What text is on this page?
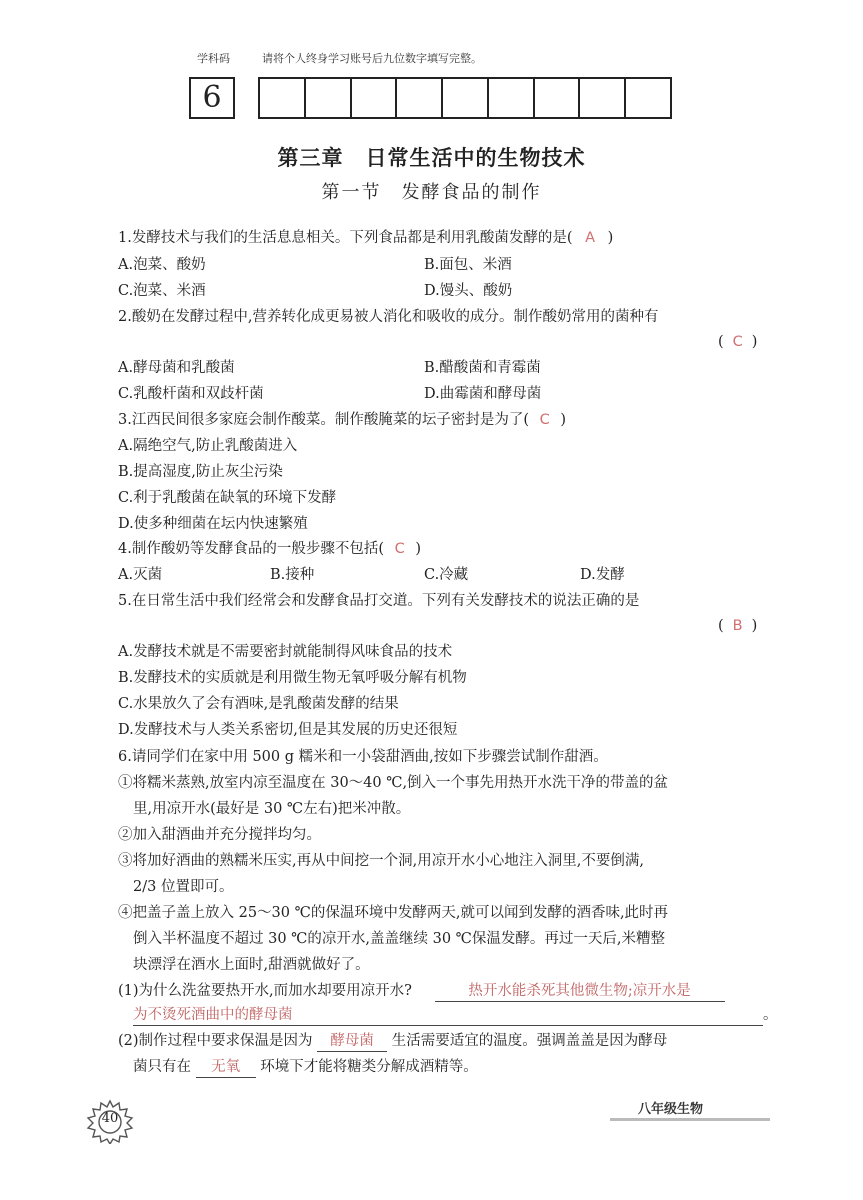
学科码	请将个人终身学习账号后九位数字填写完整。
6
第三章　日常生活中的生物技术
第一节　发酵食品的制作
1.发酵技术与我们的生活息息相关。下列食品都是利用乳酸菌发酵的是( A )
A.泡菜、酸奶	B.面包、米酒
C.泡菜、米酒	D.馒头、酸奶
2.酸奶在发酵过程中,营养转化成更易被人消化和吸收的成分。制作酸奶常用的菌种有
( C )
A.酵母菌和乳酸菌	B.醋酸菌和青霉菌
C.乳酸杆菌和双歧杆菌	D.曲霉菌和酵母菌
3.江西民间很多家庭会制作酸菜。制作酸腌菜的坛子密封是为了( C )
A.隔绝空气,防止乳酸菌进入
B.提高湿度,防止灰尘污染
C.利于乳酸菌在缺氧的环境下发酵
D.使多种细菌在坛内快速繁殖
4.制作酸奶等发酵食品的一般步骤不包括( C )
A.灭菌	B.接种	C.冷藏	D.发酵
5.在日常生活中我们经常会和发酵食品打交道。下列有关发酵技术的说法正确的是
( B )
A.发酵技术就是不需要密封就能制得风味食品的技术
B.发酵技术的实质就是利用微生物无氧呼吸分解有机物
C.水果放久了会有酒味,是乳酸菌发酵的结果
D.发酵技术与人类关系密切,但是其发展的历史还很短
6.请同学们在家中用 500 g 糯米和一小袋甜酒曲,按如下步骤尝试制作甜酒。
①将糯米蒸熟,放室内凉至温度在 30～40 ℃,倒入一个事先用热开水洗干净的带盖的盆
里,用凉开水(最好是 30 ℃左右)把米冲散。
②加入甜酒曲并充分搅拌均匀。
③将加好酒曲的熟糯米压实,再从中间挖一个洞,用凉开水小心地注入洞里,不要倒满,
2/3 位置即可。
④把盖子盖上放入 25～30 ℃的保温环境中发酵两天,就可以闻到发酵的酒香味,此时再
倒入半杯温度不超过 30 ℃的凉开水,盖盖继续 30 ℃保温发酵。再过一天后,米糟整
块漂浮在酒水上面时,甜酒就做好了。
(1)为什么洗盆要热开水,而加水却要用凉开水?	热开水能杀死其他微生物;凉开水是
为不烫死酒曲中的酵母菌	。
(2)制作过程中要求保温是因为 酵母菌 生活需要适宜的温度。强调盖盖是因为酵母
菌只有在 无氧 环境下才能将糖类分解成酒精等。
40
八年级生物
